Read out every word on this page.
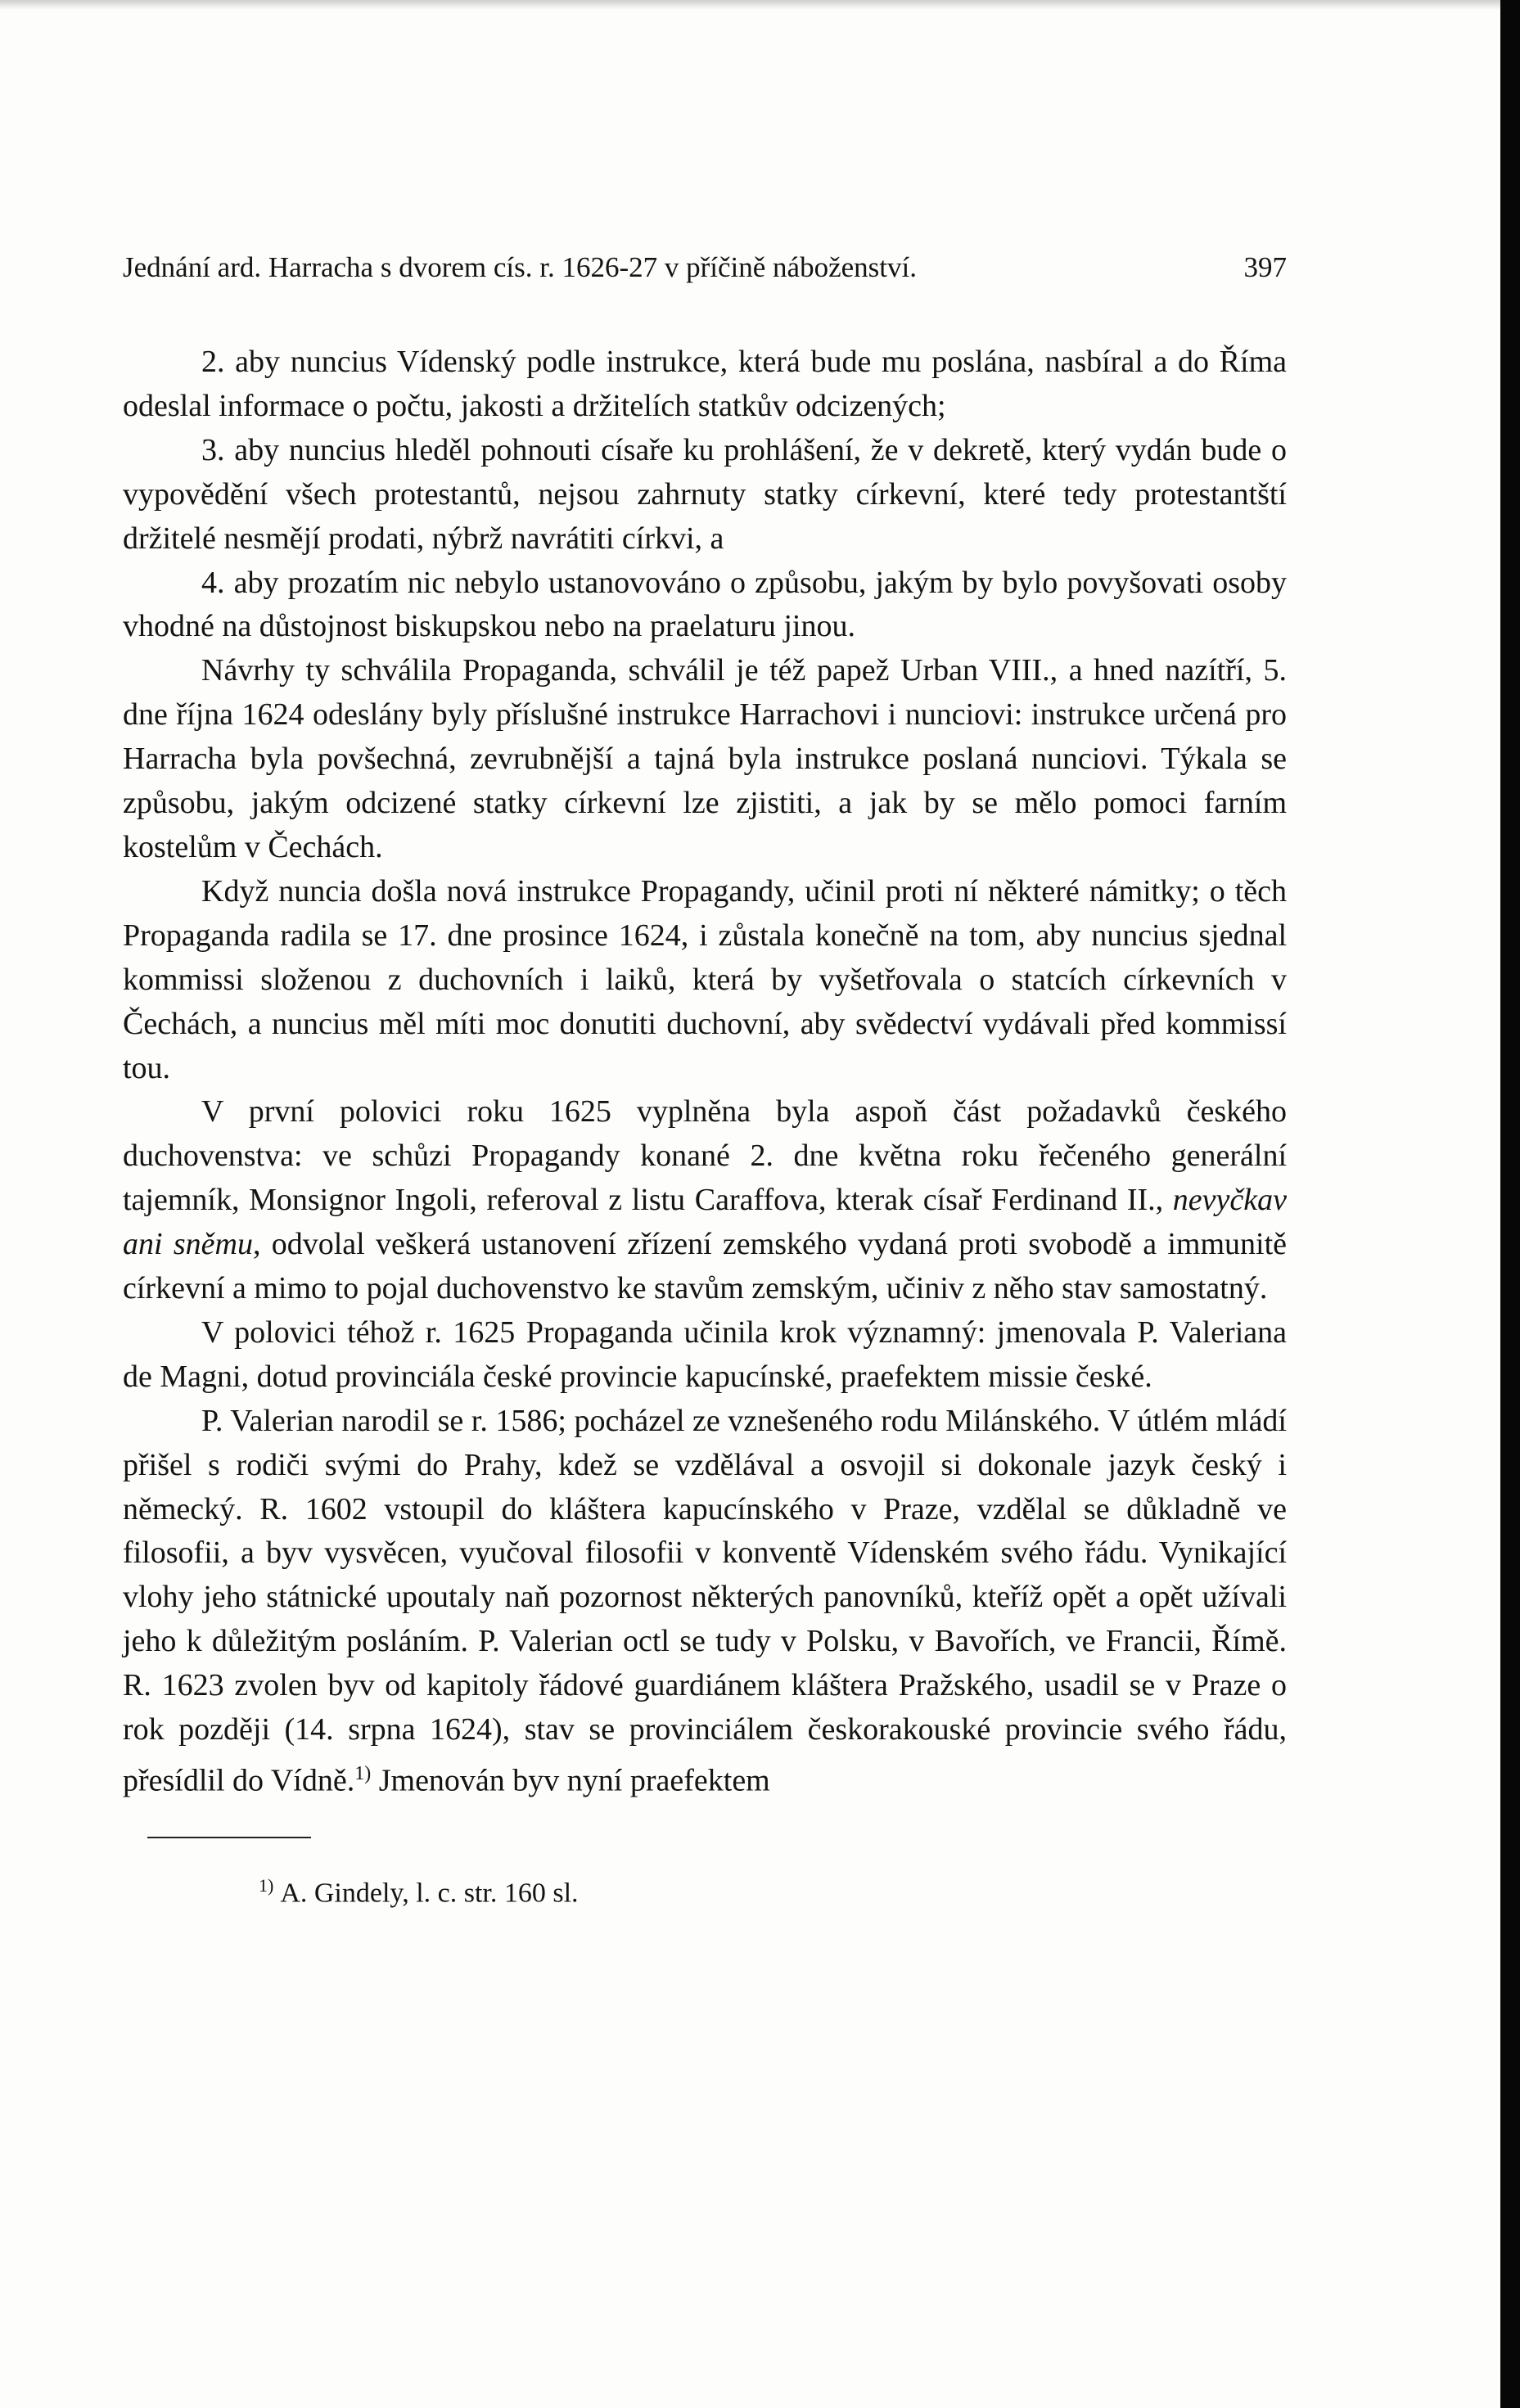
Jednání ard. Harracha s dvorem cís. r. 1626-27 v příčině náboženství.	397
2. aby nuncius Vídenský podle instrukce, která bude mu poslána, nasbíral a do Říma odeslal informace o počtu, jakosti a držitelích statkův odcizených;
3. aby nuncius hleděl pohnouti císaře ku prohlášení, že v dekretě, který vydán bude o vypovědění všech protestantů, nejsou zahrnuty statky církevní, které tedy protestantští držitelé nesmějí prodati, nýbrž navrátiti církvi, a
4. aby prozatím nic nebylo ustanovováno o způsobu, jakým by bylo povyšovati osoby vhodné na důstojnost biskupskou nebo na praelaturu jinou.
Návrhy ty schválila Propaganda, schválil je též papež Urban VIII., a hned nazítří, 5. dne října 1624 odeslány byly příslušné instrukce Harrachovi i nunciovi: instrukce určená pro Harracha byla povšechná, zevrubnější a tajná byla instrukce poslaná nunciovi. Týkala se způsobu, jakým odcizené statky církevní lze zjistiti, a jak by se mělo pomoci farním kostelům v Čechách.
Když nuncia došla nová instrukce Propagandy, učinil proti ní některé námitky; o těch Propaganda radila se 17. dne prosince 1624, i zůstala konečně na tom, aby nuncius sjednal kommissi složenou z duchovních i laiků, která by vyšetřovala o statcích církevních v Čechách, a nuncius měl míti moc donutiti duchovní, aby svědectví vydávali před kommissí tou.
V první polovici roku 1625 vyplněna byla aspoň část požadavků českého duchovenstva: ve schůzi Propagandy konané 2. dne května roku řečeného generální tajemník, Monsignor Ingoli, referoval z listu Caraffova, kterak císař Ferdinand II., nevyčkav ani sněmu, odvolal veškerá ustanovení zřízení zemského vydaná proti svobodě a immunitě církevní a mimo to pojal duchovenstvo ke stavům zemským, učiniv z něho stav samostatný.
V polovici téhož r. 1625 Propaganda učinila krok významný: jmenovala P. Valeriana de Magni, dotud provinciála české provincie kapucínské, praefektem missie české.
P. Valerian narodil se r. 1586; pocházel ze vznešeného rodu Milánského. V útlém mládí přišel s rodiči svými do Prahy, kdež se vzdělával a osvojil si dokonale jazyk český i německý. R. 1602 vstoupil do kláštera kapucínského v Praze, vzdělal se důkladně ve filosofii, a byv vysvěcen, vyučoval filosofii v konventě Vídenském svého řádu. Vynikající vlohy jeho státnické upoutaly naň pozornost některých panovníků, kteříž opět a opět užívali jeho k důležitým posláním. P. Valerian octl se tudy v Polsku, v Bavořích, ve Francii, Římě. R. 1623 zvolen byv od kapitoly řádové guardiánem kláštera Pražského, usadil se v Praze o rok později (14. srpna 1624), stav se provinciálem českorakouské provincie svého řádu, přesídlil do Vídně.$^{1)}$ Jmenován byv nyní praefektem
$^{1)}$ A. Gindely, l. c. str. 160 sl.
